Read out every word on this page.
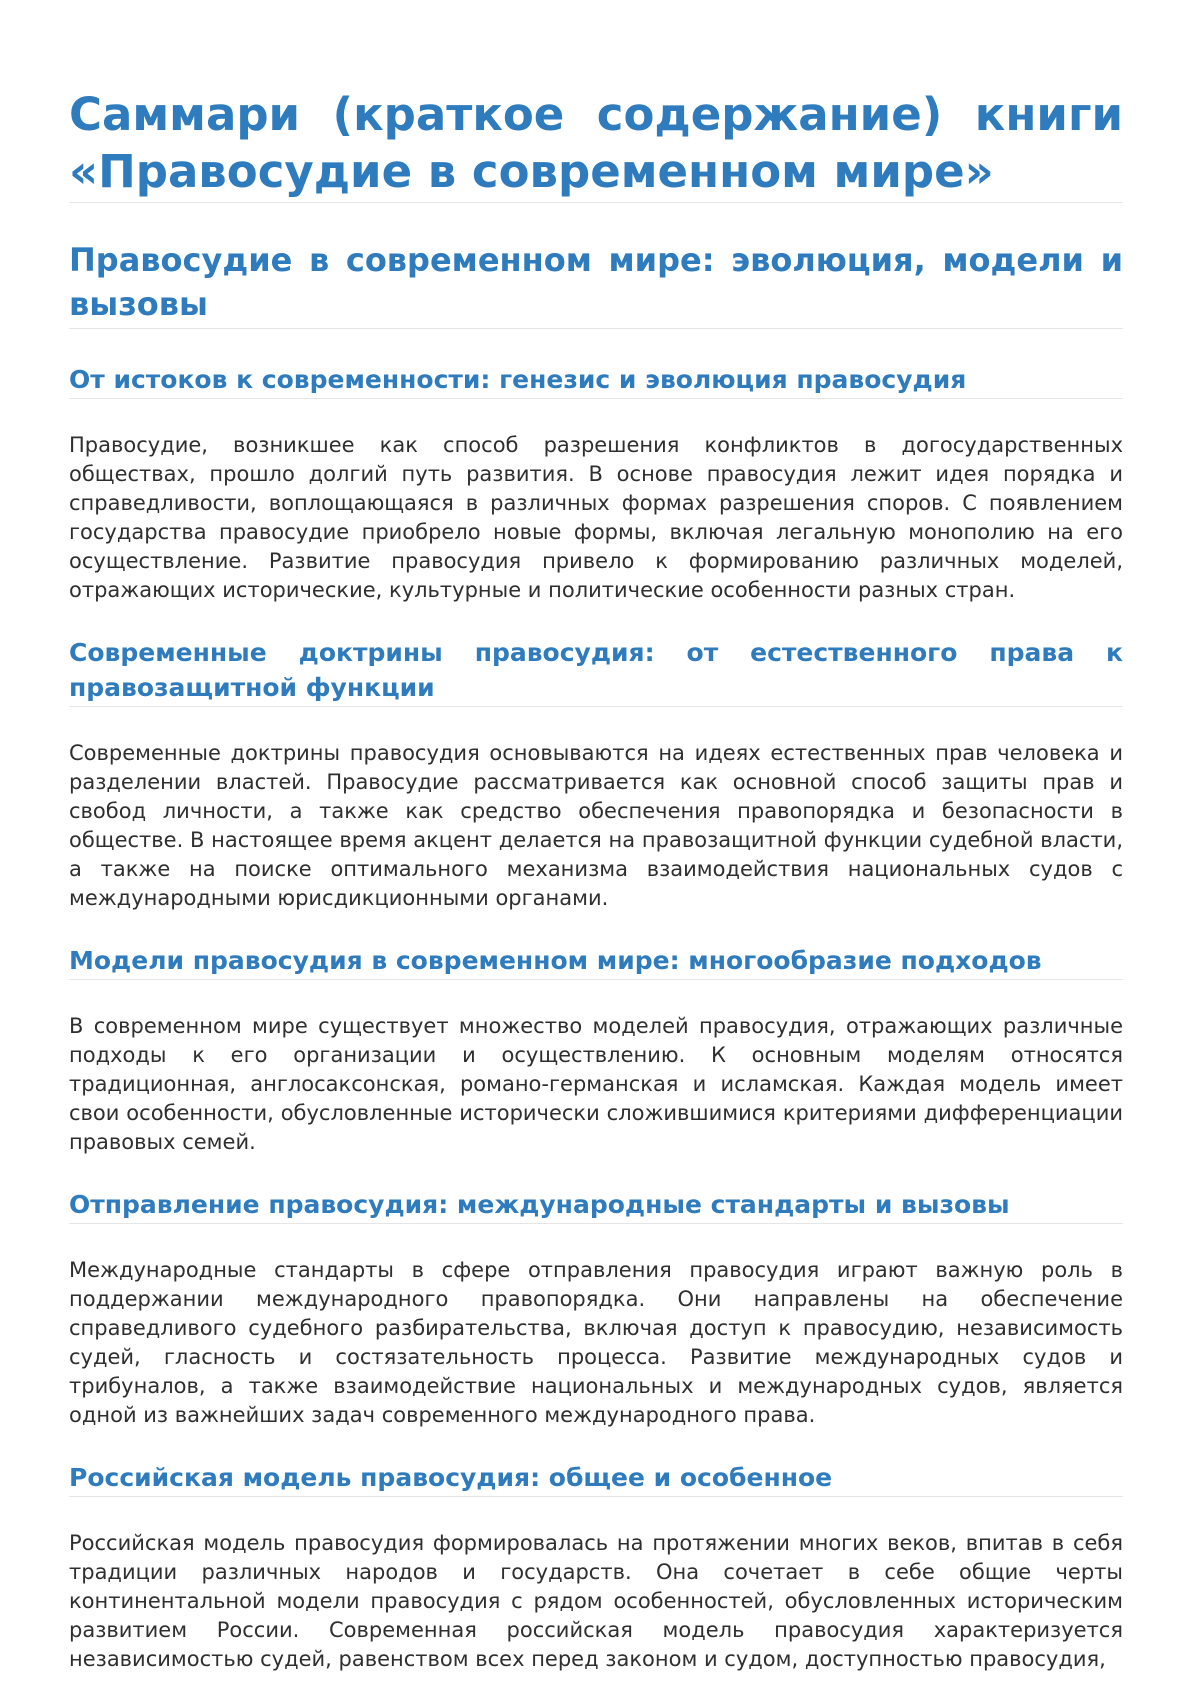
Саммари (краткое содержание) книги «Правосудие в современном мире»
Правосудие в современном мире: эволюция, модели и вызовы
От истоков к современности: генезис и эволюция правосудия

Правосудие, возникшее как способ разрешения конфликтов в догосударственных обществах, прошло долгий путь развития. В основе правосудия лежит идея порядка и справедливости, воплощающаяся в различных формах разрешения споров. С появлением государства правосудие приобрело новые формы, включая легальную монополию на его осуществление. Развитие правосудия привело к формированию различных моделей, отражающих исторические, культурные и политические особенности разных стран.

Современные доктрины правосудия: от естественного права к правозащитной функции

Современные доктрины правосудия основываются на идеях естественных прав человека и разделении властей. Правосудие рассматривается как основной способ защиты прав и свобод личности, а также как средство обеспечения правопорядка и безопасности в обществе. В настоящее время акцент делается на правозащитной функции судебной власти, а также на поиске оптимального механизма взаимодействия национальных судов с международными юрисдикционными органами.

Модели правосудия в современном мире: многообразие подходов

В современном мире существует множество моделей правосудия, отражающих различные подходы к его организации и осуществлению. К основным моделям относятся традиционная, англосаксонская, романо-германская и исламская. Каждая модель имеет свои особенности, обусловленные исторически сложившимися критериями дифференциации правовых семей.

Отправление правосудия: международные стандарты и вызовы

Международные стандарты в сфере отправления правосудия играют важную роль в поддержании международного правопорядка. Они направлены на обеспечение справедливого судебного разбирательства, включая доступ к правосудию, независимость судей, гласность и состязательность процесса. Развитие международных судов и трибуналов, а также взаимодействие национальных и международных судов, является одной из важнейших задач современного международного права.

Российская модель правосудия: общее и особенное

Российская модель правосудия формировалась на протяжении многих веков, впитав в себя традиции различных народов и государств. Она сочетает в себе общие черты континентальной модели правосудия с рядом особенностей, обусловленных историческим развитием России. Современная российская модель правосудия характеризуется независимостью судей, равенством всех перед законом и судом, доступностью правосудия,
